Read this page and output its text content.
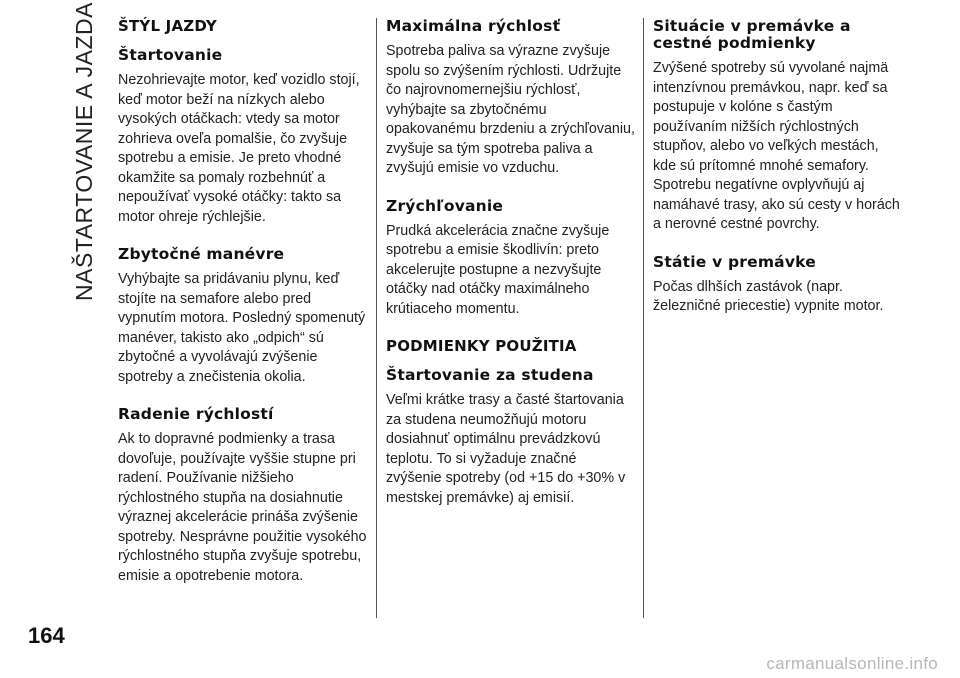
NAŠTARTOVANIE A JAZDA
164
ŠTÝL JAZDY
Štartovanie

Nezohrievajte motor, keď vozidlo stojí, keď motor beží na nízkych alebo vysokých otáčkach: vtedy sa motor zohrieva oveľa pomalšie, čo zvyšuje spotrebu a emisie. Je preto vhodné okamžite sa pomaly rozbehnúť a nepoužívať vysoké otáčky: takto sa motor ohreje rýchlejšie.

Zbytočné manévre

Vyhýbajte sa pridávaniu plynu, keď stojíte na semafore alebo pred vypnutím motora. Posledný spomenutý manéver, takisto ako „odpich“ sú zbytočné a vyvolávajú zvýšenie spotreby a znečistenia okolia.

Radenie rýchlostí

Ak to dopravné podmienky a trasa dovoľuje, používajte vyššie stupne pri radení. Používanie nižšieho rýchlostného stupňa na dosiahnutie výraznej akcelerácie prináša zvýšenie spotreby. Nesprávne použitie vysokého rýchlostného stupňa zvyšuje spotrebu, emisie a opotrebenie motora.

Maximálna rýchlosť

Spotreba paliva sa výrazne zvyšuje spolu so zvýšením rýchlosti. Udržujte čo najrovnomernejšiu rýchlosť, vyhýbajte sa zbytočnému opakovanému brzdeniu a zrýchľovaniu, zvyšuje sa tým spotreba paliva a zvyšujú emisie vo vzduchu.

Zrýchľovanie

Prudká akcelerácia značne zvyšuje spotrebu a emisie škodlivín: preto akcelerujte postupne a nezvyšujte otáčky nad otáčky maximálneho krútiaceho momentu.

PODMIENKY POUŽITIA
Štartovanie za studena

Veľmi krátke trasy a časté štartovania za studena neumožňujú motoru dosiahnuť optimálnu prevádzkovú teplotu. To si vyžaduje značné zvýšenie spotreby (od +15 do +30% v mestskej premávke) aj emisií.

Situácie v premávke a cestné podmienky

Zvýšené spotreby sú vyvolané najmä intenzívnou premávkou, napr. keď sa postupuje v kolóne s častým používaním nižších rýchlostných stupňov, alebo vo veľkých mestách, kde sú prítomné mnohé semafory. Spotrebu negatívne ovplyvňujú aj namáhavé trasy, ako sú cesty v horách a nerovné cestné povrchy.

Státie v premávke

Počas dlhších zastávok (napr. železničné priecestie) vypnite motor.

carmanualsonline.info
